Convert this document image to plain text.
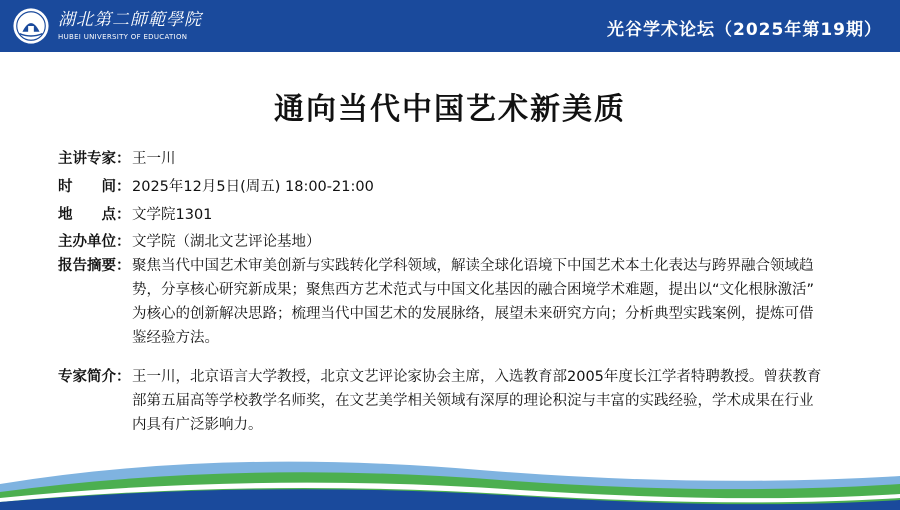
湖北第二師範學院
HUBEI UNIVERSITY OF EDUCATION	光谷学术论坛（2025年第19期）
通向当代中国艺术新美质
主讲专家： 王一川
时　　间： 2025年12月5日(周五) 18:00-21:00
地　　点： 文学院1301
主办单位： 文学院（湖北文艺评论基地）
报告摘要： 聚焦当代中国艺术审美创新与实践转化学科领域，解读全球化语境下中国艺术本土化表达与跨界融合领域趋
势，分享核心研究新成果；聚焦西方艺术范式与中国文化基因的融合困境学术难题，提出以“文化根脉激活”
为核心的创新解决思路；梳理当代中国艺术的发展脉络，展望未来研究方向；分析典型实践案例，提炼可借
鉴经验方法。
专家简介： 王一川，北京语言大学教授，北京文艺评论家协会主席，入选教育部2005年度长江学者特聘教授。曾获教育
部第五届高等学校教学名师奖，在文艺美学相关领域有深厚的理论积淀与丰富的实践经验，学术成果在行业
内具有广泛影响力。
